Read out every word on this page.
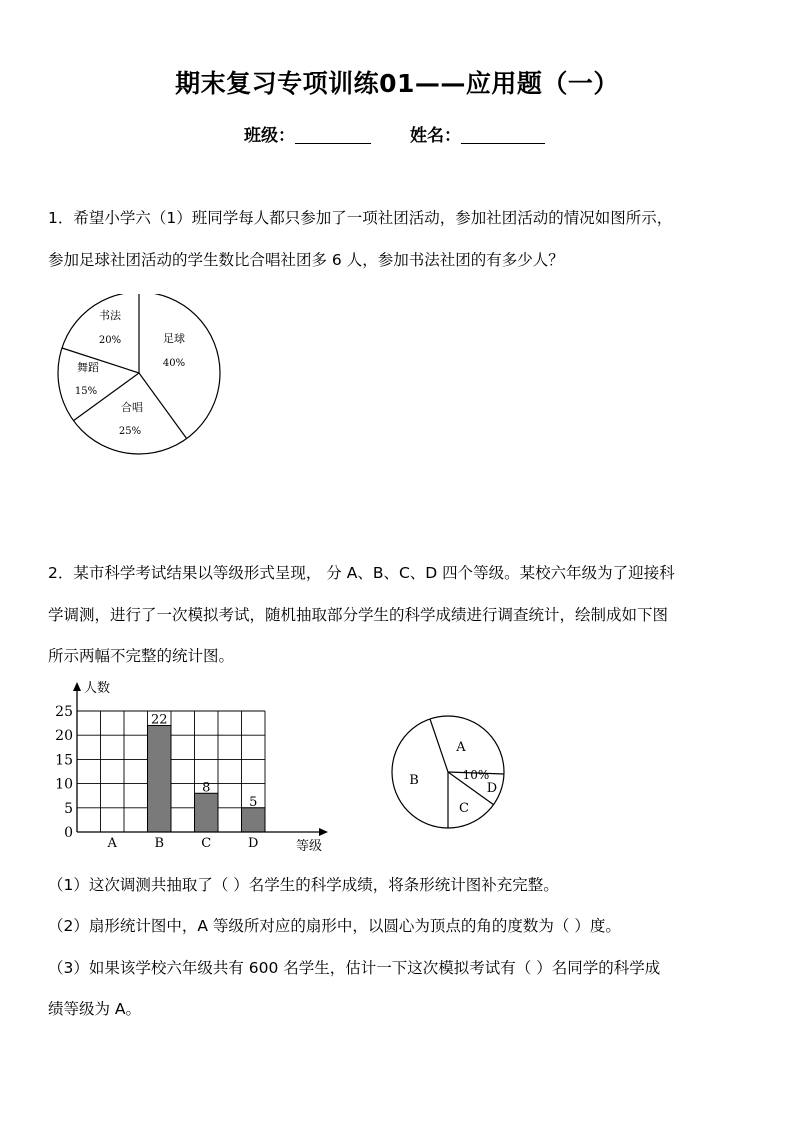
期末复习专项训练01——应用题（一）
班级：	姓名：
1．希望小学六（1）班同学每人都只参加了一项社团活动，参加社团活动的情况如图所示，
参加足球社团活动的学生数比合唱社团多 6 人，参加书法社团的有多少人？
书法
20%	足球
40%
舞蹈
15%
合唱
25%
2．某市科学考试结果以等级形式呈现， 分 A、B、C、D 四个等级。某校六年级为了迎接科
学调测，进行了一次模拟考试，随机抽取部分学生的科学成绩进行调查统计，绘制成如下图
所示两幅不完整的统计图。
0
5
10
15
20
25
A	B	C	D
22
8
5
人数
等级
A
B	10%
C
D
（1）这次调测共抽取了（ ）名学生的科学成绩，将条形统计图补充完整。
（2）扇形统计图中，A 等级所对应的扇形中，以圆心为顶点的角的度数为（ ）度。
（3）如果该学校六年级共有 600 名学生，估计一下这次模拟考试有（ ）名同学的科学成
绩等级为 A。
